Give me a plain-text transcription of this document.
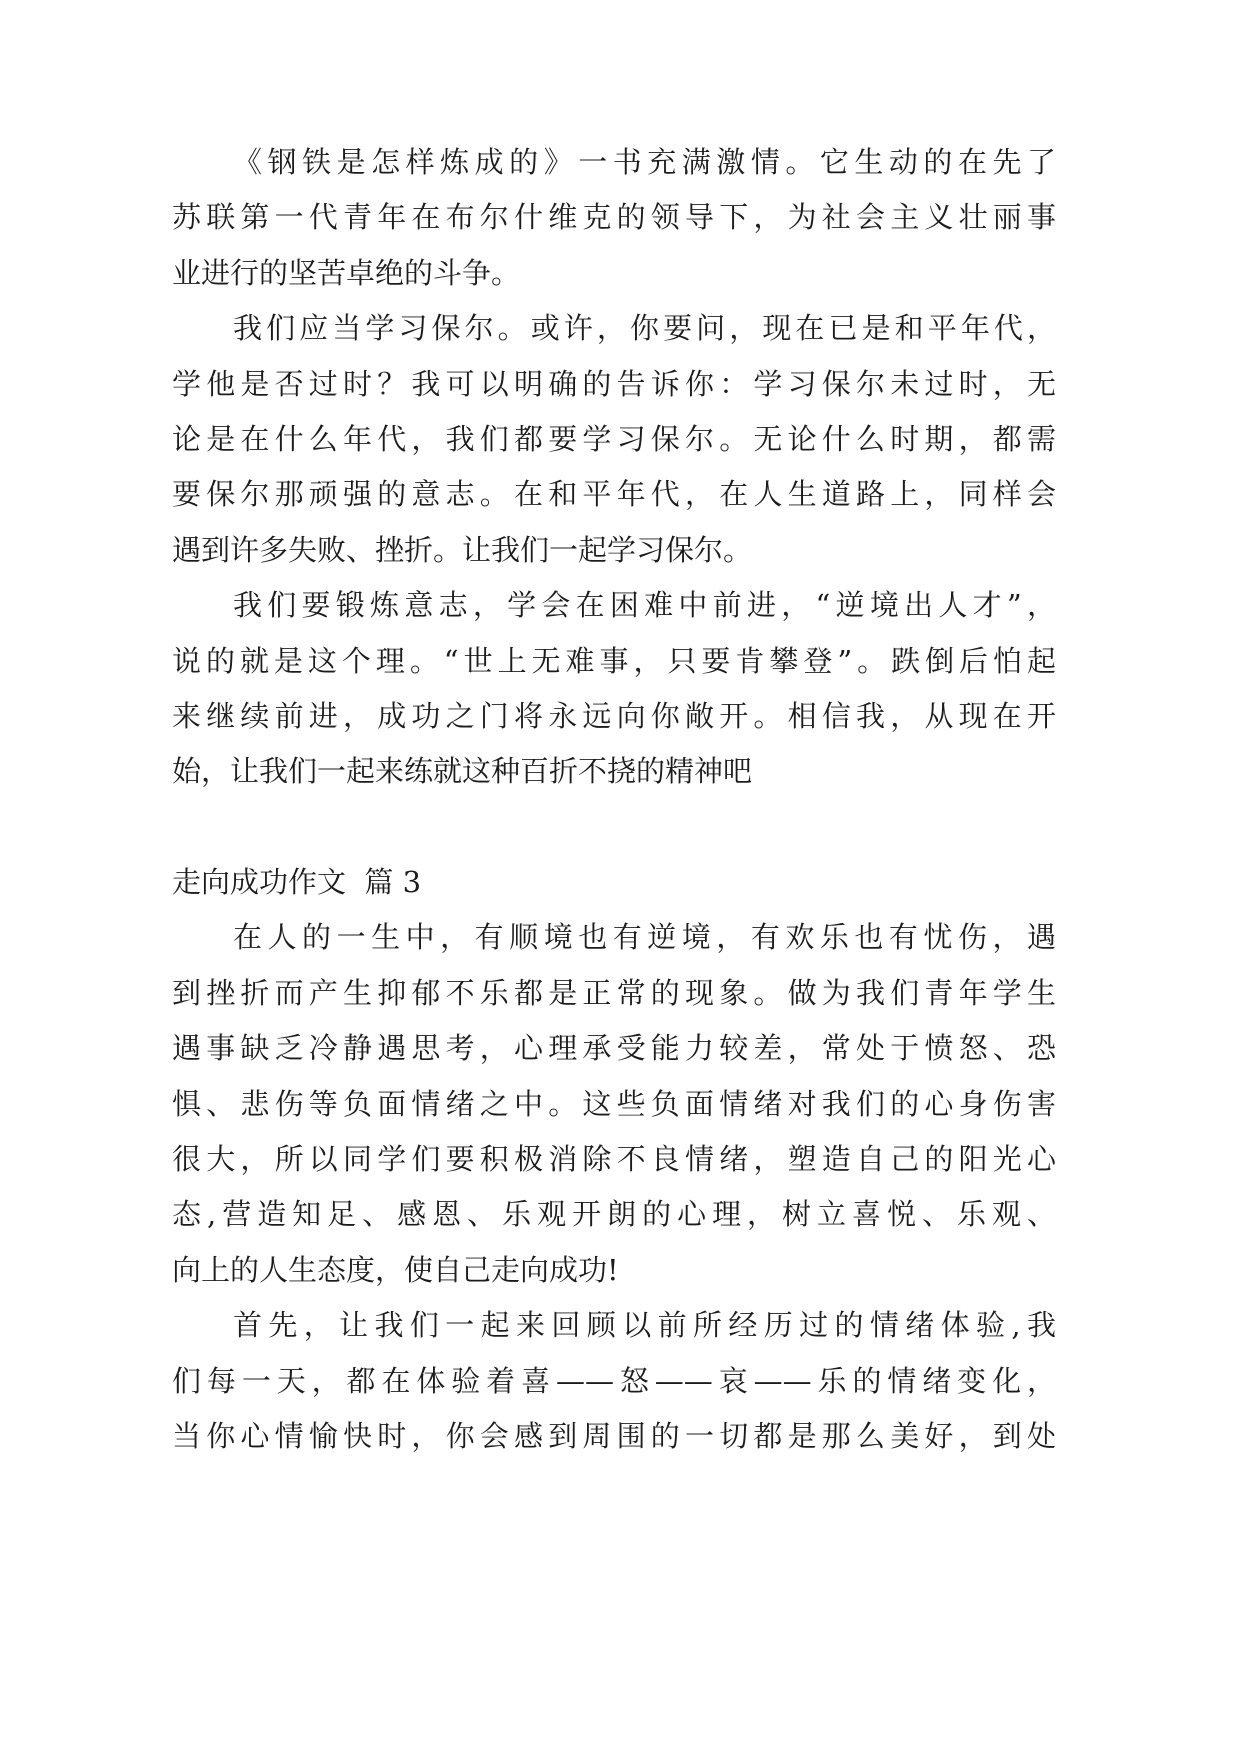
《钢铁是怎样炼成的》一书充满激情。它生动的在先了
苏联第一代青年在布尔什维克的领导下，为社会主义壮丽事
业进行的坚苦卓绝的斗争。
我们应当学习保尔。或许，你要问，现在已是和平年代，
学他是否过时？我可以明确的告诉你：学习保尔未过时，无
论是在什么年代，我们都要学习保尔。无论什么时期，都需
要保尔那顽强的意志。在和平年代，在人生道路上，同样会
遇到许多失败、挫折。让我们一起学习保尔。
我们要锻炼意志，学会在困难中前进，“逆境出人才”，
说的就是这个理。“世上无难事，只要肯攀登”。跌倒后怕起
来继续前进，成功之门将永远向你敞开。相信我，从现在开
始，让我们一起来练就这种百折不挠的精神吧
走向成功作文  篇 3
在人的一生中，有顺境也有逆境，有欢乐也有忧伤，遇
到挫折而产生抑郁不乐都是正常的现象。做为我们青年学生
遇事缺乏冷静遇思考，心理承受能力较差，常处于愤怒、恐
惧、悲伤等负面情绪之中。这些负面情绪对我们的心身伤害
很大，所以同学们要积极消除不良情绪，塑造自己的阳光心
态,营造知足、感恩、乐观开朗的心理，树立喜悦、乐观、
向上的人生态度，使自己走向成功!
首先，让我们一起来回顾以前所经历过的情绪体验,我
们每一天，都在体验着喜——怒——哀——乐的情绪变化，
当你心情愉快时，你会感到周围的一切都是那么美好，到处
